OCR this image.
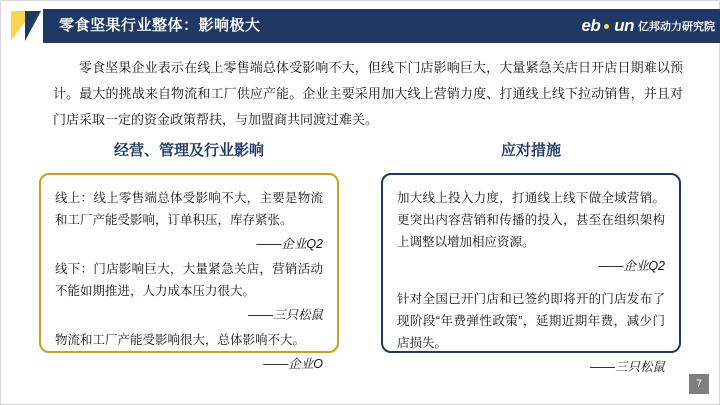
零食坚果行业整体：影响极大	eb un 亿邦动力研究院
零食坚果企业表示在线上零售端总体受影响不大，但线下门店影响巨大，大量紧急关店日开店日期难以预计。最大的挑战来自物流和工厂供应产能。企业主要采用加大线上营销力度、打通线上线下拉动销售，并且对门店采取一定的资金政策帮扶，与加盟商共同渡过难关。
经营、管理及行业影响	应对措施

线上：线上零售端总体受影响不大，主要是物流和工厂产能受影响，订单积压，库存紧张。

——企业Q2

线下：门店影响巨大，大量紧急关店，营销活动不能如期推进，人力成本压力很大。

——三只松鼠

物流和工厂产能受影响很大，总体影响不大。

——企业O

加大线上投入力度，打通线上线下做全域营销。更突出内容营销和传播的投入，甚至在组织架构上调整以增加相应资源。

——企业Q2

针对全国已开门店和已签约即将开的门店发布了现阶段“年费弹性政策”，延期近期年费，减少门店损失。

——三只松鼠

7
